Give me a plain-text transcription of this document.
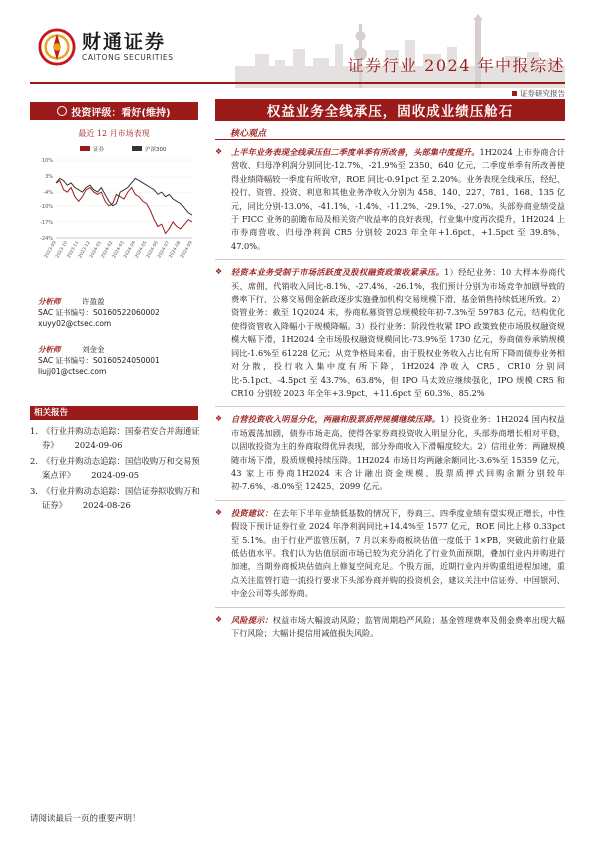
财通证券
CAITONG SECURITIES	证券行业 2024 年中报综述
证券研究报告
投资评级：看好(维持)
最近 12 月市场表现
证券	沪深300
10%
3%
-4%
-10%
-17%
-24%
2023-09
2023-10
2023-11
2023-12
2024-01
2024-02
2024-03
2024-04
2024-05
2024-06
2024-07
2024-08
2024-09
分析师	许盈盈
SAC 证书编号：S0160522060002
xuyy02@ctsec.com
分析师	刘金金
SAC 证书编号：S0160524050001
liujj01@ctsec.com
相关报告
1. 《行业并购动态追踪：国泰君安合并海通证券》 2024-09-06
2. 《行业并购动态追踪：国信收购万和交易预案点评》 2024-09-05
3. 《行业并购动态追踪：国信证券拟收购万和证券》 2024-08-26
权益业务全线承压，固收成业绩压舱石
核心观点

❖ 上半年业务表现全线承压但二季度单季有所改善，头部集中度提升。1H2024 上市券商合计营收、归母净利润分别同比-12.7%、-21.9%至 2350、640 亿元，二季度单季有所改善使得业绩降幅较一季度有所收窄，ROE 同比-0.91pct 至 2.20%。业务表现全线承压，经纪、投行、资管、投资、利息和其他业务净收入分别为 458、140、227、781、168、135 亿元，同比分别-13.0%、-41.1%、-1.4%、-11.2%、-29.1%、-27.0%。头部券商业绩受益于 FICC 业务的前瞻布局及相关资产收益率的良好表现，行业集中度再次提升，1H2024 上市券商营收、归母净利润 CR5 分别较 2023 年全年+1.6pct、+1.5pct 至 39.8%、47.0%。

❖ 轻资本业务受制于市场活跃度及股权融资政策收紧承压。1）经纪业务：10 大样本券商代买、席佣、代销收入同比-8.1%、-27.4%、-26.1%，我们预计分别为市场竞争加剧导致的费率下行、公募交易佣金新政逐步实施叠加机构交易规模下滑、基金销售持续低迷所致。2）资管业务：截至 1Q2024 末，券商私募资管总规模较年初-7.3%至 59783 亿元，结构优化使得资管收入降幅小于规模降幅。3）投行业务：阶段性收紧 IPO 政策致使市场股权融资规模大幅下滑，1H2024 全市场股权融资规模同比-73.9%至 1730 亿元，券商债券承销规模同比-1.6%至 61228 亿元；从竞争格局来看，由于股权业务收入占比有所下降而债券业务相对分散，投行收入集中度有所下降，1H2024 净收入 CR5、CR10 分别同比-5.1pct、-4.5pct 至 43.7%、63.8%，但 IPO 马太效应继续强化，IPO 规模 CR5 和 CR10 分别较 2023 年全年+3.9pct、+11.6pct 至 60.3%、85.2%

❖ 自营投资收入明显分化，两融和股票质押规模继续压降。1）投资业务：1H2024 国内权益市场震荡加剧，债券市场走高，使得各家券商投资收入明显分化，头部券商增长相对平稳，以固收投资为主的券商取得优异表现，部分券商收入下滑幅度较大。2）信用业务：两融规模随市场下滑，股质规模持续压降。1H2024 市场日均两融余额同比-3.6%至 15359 亿元，43 家上市券商1H2024 末合计融出资金规模、股票质押式回购余额分别较年初-7.6%、-8.0%至 12425、2099 亿元。

❖ 投资建议：在去年下半年业绩低基数的情况下，券商三、四季度业绩有望实现正增长，中性假设下预计证券行业 2024 年净利润同比+14.4%至 1577 亿元，ROE 同比上移 0.33pct 至 5.1%。由于行业严监管压制，7 月以来券商板块估值一度低于 1×PB，突破此前行业最低估值水平。我们认为估值层面市场已较为充分消化了行业负面预期，叠加行业内并购进行加速，当期券商板块估值向上修复空间充足。个股方面，近期行业内并购重组进程加速，重点关注监管打造一流投行要求下头部券商并购的投资机会，建议关注中信证券、中国银河、中金公司等头部券商。

❖ 风险提示：权益市场大幅波动风险；监管周期趋严风险；基金管理费率及佣金费率出现大幅下行风险；大幅计提信用减值损失风险。

请阅读最后一页的重要声明！
